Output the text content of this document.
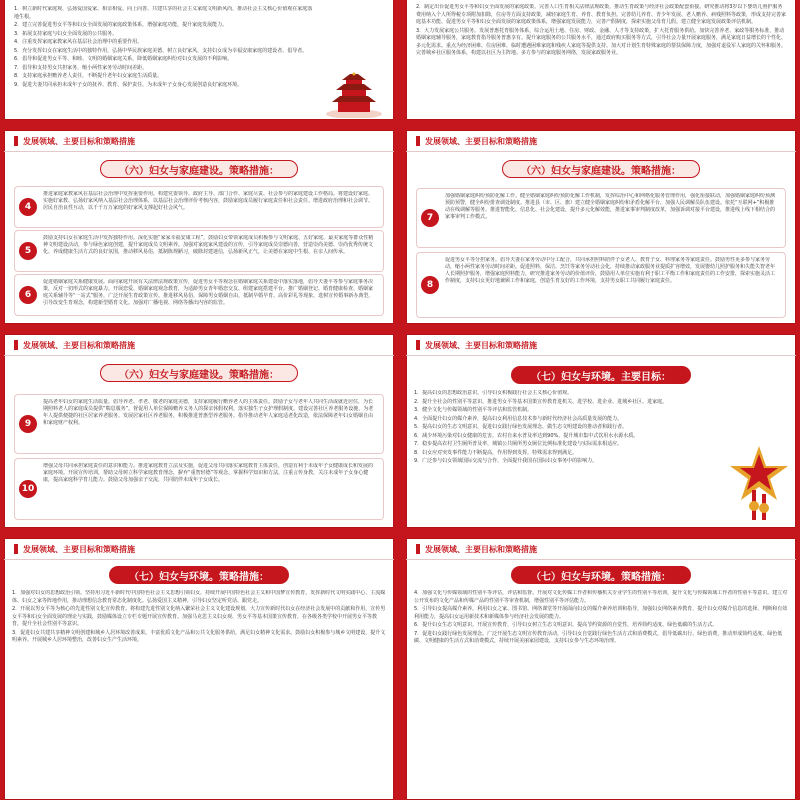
1．树立新时代家庭观，弘扬爱国爱家、相亲相爱、向上向善、共建共享的社会主义家庭文明新风尚，推动社会主义核心价值观在家庭落地生根。

2．建立完善促进男女平等和妇女全面发展的家庭政策体系，增强家庭功能，提升家庭发展能力。

3．拓展支持家庭与妇女全面发展的公共服务。

4．注重发挥家庭家教家风在基层社会治理中的重要作用。

5．充分发挥妇女在家庭生活中的独特作用，弘扬中华民族家庭美德、树立良好家风，支持妇女成为幸福安康家庭的建设者、倡导者。

6．倡导和促进男女平等、和睦、文明的婚姻家庭关系，降低婚姻家庭纠纷对妇女发展的不利影响。

7．倡导和支持男女共担家务，缩小两性家务劳动时间差距。

8．支持家庭承担赡养老人责任，不断提升老年妇女家庭生活质量。

9．促进夫妻共同承担未成年子女的抚养、教育、保护责任，为未成年子女身心发展创造良好家庭环境。

2．制定出台促进男女平等和妇女全面发展的家庭政策。完善人口生育相关法律法规政策，推动生育政策与经济社会政策配套衔接。研究推动将3岁以下婴幼儿照护服务费用纳入个人所得税专项附加扣除，住房等方面支持政策，减轻家庭生育、养育、教育负担。完善幼儿养育、青少年发展、老人赡养、病残照料等政策，形成支持完善家庭基本功能、促进男女平等和妇女全面发展的家庭政策体系，增强家庭发展能力，完善产假制度，探索实施父母育儿假。建立健全家庭发展政策评估机制。

3．大力发展家庭公共服务。发展普惠托育服务体系，综合运用土地、住房、财政、金融、人才等支持政策，扩大托育服务供给。加快完善养老、家政等服务标准，推动婚姻家庭辅导服务，家庭教育指导服务普惠享有。提升家庭服务的公共服务水平，通过政府购买服务等方式，引导社会力量开展家庭服务，满足家庭日益增长的个性化、多元化需求。重点为经济困难、住房困难、临时遭遇困难家庭和残疾人家庭等提供支持。加大对计划生育特殊家庭的帮扶保障力度，加强对退役军人家庭的关怀和服务。完善城乡社区服务体系，构建以社区为主阵地、多方参与的家庭服务网络，发展家政服务业。

发展领域、主要目标和策略措施
（六）妇女与家庭建设。策略措施：
4
推进家庭家教家风在基层社会治理中发挥重要作用。构建党委领导、政府主导、部门合作、家庭尽责、社会参与的家庭建设工作格局。将建设好家庭、实施好家教、弘扬好家风纳入基层社会治理体系，以基层社会治理评价考核内容，鼓励家庭成员履行家庭责任和社会责任。增进政府治理和社会调节、居民自治良性互动，以千千万万家庭的好家风支撑起好社会风气。
5
鼓励支持妇女在家庭生活中发挥独特作用。深化实施“家家幸福安康工程”，鼓励妇女带领家庭成员积极参与文明家庭、五好家庭、最美家庭等群众性精神文明建设活动，参与绿色家庭创建，提升家庭成员文明素养。加强对家庭家风建设的宣传，引导家庭成员崇德向善，营造崇尚美德、崇尚优秀传统文化、养成健康生活方式的良好氛围，推动移风易俗，抵制陈规陋习，破除封建迷信，弘扬新风正气，让美德在家庭中生根、在亲人间传承。
6
促进婚姻家庭关系健康发展。面向家庭开展有关法律法规政策宣传，促进男女平等观念在婚姻家庭关系建设中落实落地，倡导夫妻平等参与家庭事务决策，反对一切形式的家庭暴力。开展恋爱、婚姻家庭观念教育，为适龄男女青年婚恋交友、组建家庭搭建平台，推广婚姻登记、婚育健康检查、婚姻家庭关系辅导等“一站式”服务，广泛开展生育政策宣传。推进移风易俗，保障男女婚姻自由，抵制早婚早育、高价彩礼等现象，选树宣传婚事新办典型，引导改变生育观念，构建新型婚育文化。加强对广播电视、网络等播出内容的监管。
发展领域、主要目标和策略措施
（六）妇女与家庭建设。策略措施：
7
加强婚姻家庭纠纷预防化解工作。健全婚姻家庭纠纷预防化解工作机制，发挥综治中心和网格化服务管理作用，强化衔接联动，加强婚姻家庭纠纷预测预防预警，健全纠纷排查调处制度。推进县（市、区、旗）建立健全婚姻家庭纠纷和矛盾化解平台，加强人民调解员队伍建设。依托“互联网+”积极推动在线调解等服务。推进智能化、信息化、社会化建设，提升多元化解效能，推进家事审判制度改革，加强诉调对接平台建设，推进线上线下相结合的家事审判工作模式。
8
促进男女平等分担家务。倡导夫妻在家务劳动中分工配合，共同承担照料陪伴子女老人、教育子女、料理家务等家庭责任。鼓励男性更多参与家务劳动，缩小两性家务劳动时间差距。促进照料、保洁、烹饪等家务劳动社会化，持续推动家政服务业提质扩容增效，发展婴幼儿照护服务和失能失智老年人长期照护服务，增强家庭照料能力，研究推进家务劳动的价值评价，鼓励用人单位实施有利于职工平衡工作和家庭责任的工作安排，探索实施灵活工作制度，支持妇女更好地兼顾工作和家庭，创造生育友好的工作环境，支持男女职工共同履行家庭责任。
发展领域、主要目标和策略措施
（六）妇女与家庭建设。策略措施：
9
提高老年妇女的家庭生活质量。倡导养老、孝老、敬老的家庭美德，支持家庭履行赡养老人的主体责任。鼓励子女与老年人共同生活或就近居住，为长期照料老人的家庭成员提供“喘息服务”。督促用人单位保障赡养义务人的探亲休假权利，落实独生子女护理假制度。建设完善社区养老服务设施，为老年人提供便捷的社区居家养老服务。发展居家社区养老服务，积极推进普惠型养老服务。指导推动老年人家庭适老化改造，依法保障老年妇女婚姻自由和家庭财产权利。
10
增强父母共同承担家庭责任的意识和能力。推进家庭教育立法及实施，促进父母共同落实家庭教育主体责任，创造有利于未成年子女健康成长和发展的家庭环境。开展宣传培训，帮助父母树立科学家庭教育理念，摒弃“重智轻德”等观念，掌握科学知识和方法，注重言传身教，关注未成年子女身心健康，提高家庭科学育儿能力。鼓励父母加强亲子交流，共同陪伴未成年子女成长。
发展领域、主要目标和策略措施
（七）妇女与环境。主要目标：

1．提高妇女的思想政治意识，引导妇女积极践行社会主义核心价值观。

2．提升全社会的性别平等意识，推进男女平等基本国策宣传教育进机关、进学校、进企业、进城乡社区、进家庭。

3．健全文化与传媒领域的性别平等评估和监管机制。

4．全面提升妇女的媒介素养，提高妇女利用信息技术参与新时代经济社会高质量发展的能力。

5．提高妇女的生态文明意识，促进妇女践行绿色发展理念，做生态文明建设的推动者和践行者。

6．减少环境污染对妇女健康的危害。农村自来水普及率达到90%，提升城市集中式饮用水水源水质。

7．稳步提高农村卫生厕所普及率，城镇公共厕所男女厕位比例标准化建设与实际需求相适应。

8．妇女应对突发事件能力不断提高，作用得到发挥，特殊需求得到满足。

9．广泛参与妇女领域国际交流与合作，全面提升我国在国际妇女事务中的影响力。

发展领域、主要目标和策略措施
（七）妇女与环境。策略措施：

1．加强对妇女的思想政治引领。坚持用习近平新时代中国特色社会主义思想引领妇女，持续开展中国特色社会主义和中国梦宣传教育，发挥新时代文明实践中心、主流媒体、妇女之家等阵地作用，推动理想信念教育常态化制度化。弘扬爱国主义精神，引导妇女坚定听党话、跟党走。

2．开展以男女平等为核心的先进性别文化宣传教育。将构建先进性别文化纳入繁荣社会主义文化建设规划，大力宣传新时代妇女在经济社会发展中的贡献和作用，宣传男女平等和妇女全面发展的理论与实践，鼓励媒体设立专栏专题开展宣传教育。加强马克思主义妇女观、男女平等基本国策宣传教育，在各级各类学校中开展男女平等教育，提升全社会性别平等意识。

3．促进妇女共建共享精神文明创建和城乡人居环境改善成果。丰富优质文化产品和公共文化服务供给，满足妇女精神文化需求。鼓励妇女积极参与城乡文明建设，提升文明素养。开展城乡人居环境整治，改善妇女生产生活环境。

发展领域、主要目标和策略措施
（七）妇女与环境。策略措施：

4．加强文化与传媒领域的性别平等评估，评估和监督。开展对文化传媒工作者和传播机关专业学生的性别平等培训，提升文化与传媒领域工作者的性别平等意识。建立对公开发布的文化产品和传媒产品的性别平等审查机制，增强性别平等评估能力。

5．引导妇女提高媒介素养。利用妇女之家、图书馆、网络课堂等开展面向妇女的媒介素养培训和指导，加强妇女网络素养教育，提升妇女对媒介信息的选择、判断和有效利用能力，提高妇女运用新技术和新媒体参与经济社会发展的能力。

6．提升妇女生态文明意识。开展宣传教育，引导妇女树立生态文明意识，提高节约资源的自觉性，培养简约适度、绿色低碳的生活方式。

7．促进妇女践行绿色发展理念。广泛开展生态文明宣传教育活动，引导妇女自觉践行绿色生活方式和消费模式，倡导低碳出行、绿色消费，推动形成简约适度、绿色低碳、文明健康的生活方式和消费模式，持续开展美丽家园建设，支持妇女参与生态环境治理。
